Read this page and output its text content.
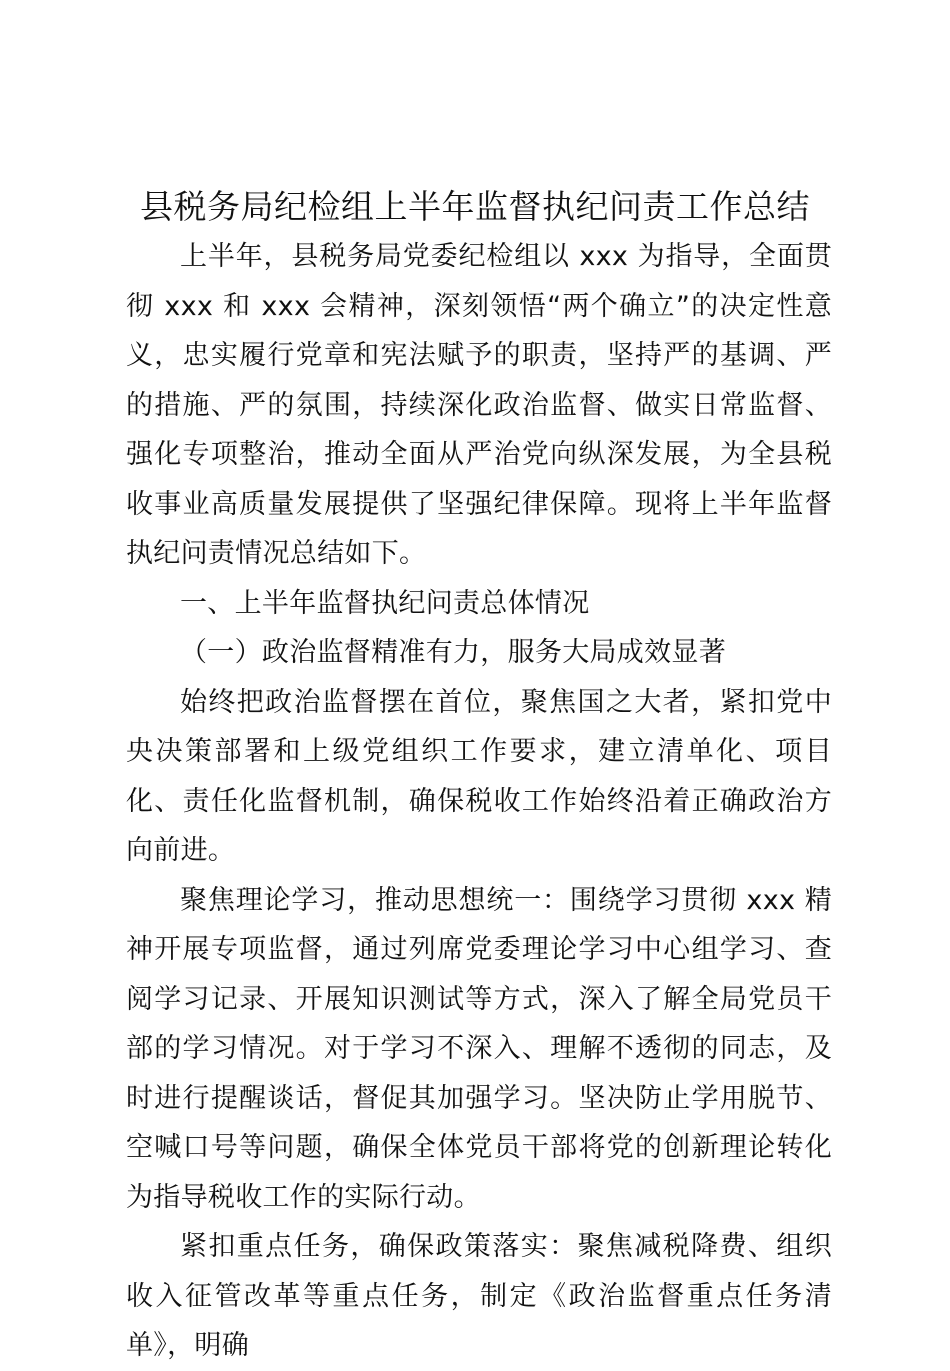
县税务局纪检组上半年监督执纪问责工作总结

上半年，县税务局党委纪检组以 xxx 为指导，全面贯彻 xxx 和 xxx 会精神，深刻领悟“两个确立”的决定性意义，忠实履行党章和宪法赋予的职责，坚持严的基调、严的措施、严的氛围，持续深化政治监督、做实日常监督、强化专项整治，推动全面从严治党向纵深发展，为全县税收事业高质量发展提供了坚强纪律保障。现将上半年监督执纪问责情况总结如下。

一、上半年监督执纪问责总体情况

（一）政治监督精准有力，服务大局成效显著

始终把政治监督摆在首位，聚焦国之大者，紧扣党中央决策部署和上级党组织工作要求，建立清单化、项目化、责任化监督机制，确保税收工作始终沿着正确政治方向前进。

聚焦理论学习，推动思想统一：围绕学习贯彻 xxx 精神开展专项监督，通过列席党委理论学习中心组学习、查阅学习记录、开展知识测试等方式，深入了解全局党员干部的学习情况。对于学习不深入、理解不透彻的同志，及时进行提醒谈话，督促其加强学习。坚决防止学用脱节、空喊口号等问题，确保全体党员干部将党的创新理论转化为指导税收工作的实际行动。

紧扣重点任务，确保政策落实：聚焦减税降费、组织收入征管改革等重点任务，制定《政治监督重点任务清单》，明确
